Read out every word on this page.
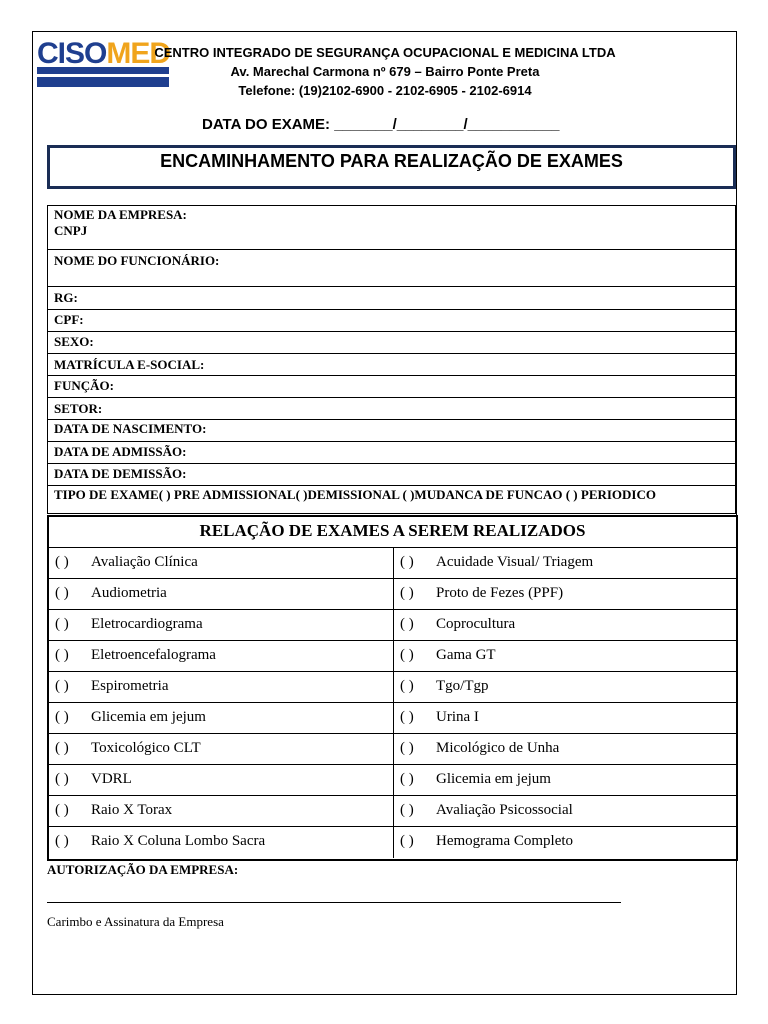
CISOMED
CENTRO INTEGRADO DE SEGURANÇA OCUPACIONAL E MEDICINA LTDA
Av. Marechal Carmona nº 679 – Bairro Ponte Preta
Telefone: (19)2102-6900 - 2102-6905 - 2102-6914
DATA DO EXAME: _______/________/___________
ENCAMINHAMENTO PARA REALIZAÇÃO DE EXAMES
NOME DA EMPRESA:
CNPJ
NOME DO FUNCIONÁRIO:
RG:
CPF:
SEXO:
MATRÍCULA E-SOCIAL:
FUNÇÃO:
SETOR:
DATA DE NASCIMENTO:
DATA DE ADMISSÃO:
DATA DE DEMISSÃO:
TIPO DE EXAME( ) PRE ADMISSIONAL( )DEMISSIONAL ( )MUDANCA DE FUNCAO ( ) PERIODICO
RELAÇÃO DE EXAMES A SEREM REALIZADOS
( ) Avaliação Clínica	( ) Acuidade Visual/ Triagem
( ) Audiometria	( ) Proto de Fezes (PPF)
( ) Eletrocardiograma	( ) Coprocultura
( ) Eletroencefalograma	( ) Gama GT
( ) Espirometria	( ) Tgo/Tgp
( ) Glicemia em jejum	( ) Urina I
( ) Toxicológico CLT	( ) Micológico de Unha
( ) VDRL	( ) Glicemia em jejum
( ) Raio X Torax	( ) Avaliação Psicossocial
( ) Raio X Coluna Lombo Sacra	( ) Hemograma Completo
AUTORIZAÇÃO DA EMPRESA:
Carimbo e Assinatura da Empresa
